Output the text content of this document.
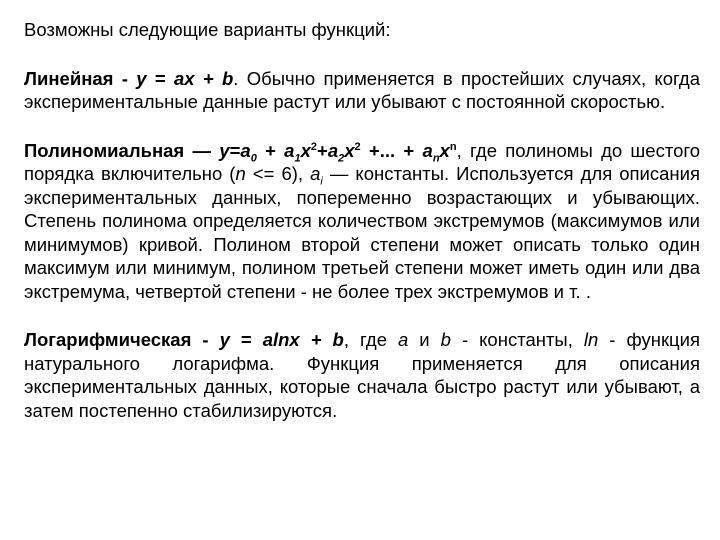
Возможны следующие варианты функций:

Линейная - y = ax + b. Обычно применяется в простейших случаях, когда экспериментальные данные растут или убывают с постоянной скоростью.

Полиномиальная — $y=a_0 + a_1x^2+a_2x^2$ +... + $a_nx^n$, где полиномы до шестого порядка включительно (n <= 6), $a_i$ — константы. Используется для описания экспериментальных данных, попеременно возрастающих и убывающих. Степень полинома определяется количеством экстремумов (максимумов или минимумов) кривой. Полином второй степени может описать только один максимум или минимум, полином третьей степени может иметь один или два экстремума, четвертой степени - не более трех экстремумов и т. .

Логарифмическая - y = alnx + b, где a и b - константы, ln - функция натурального логарифма. Функция применяется для описания экспериментальных данных, которые сначала быстро растут или убывают, а затем постепенно стабилизируются.
